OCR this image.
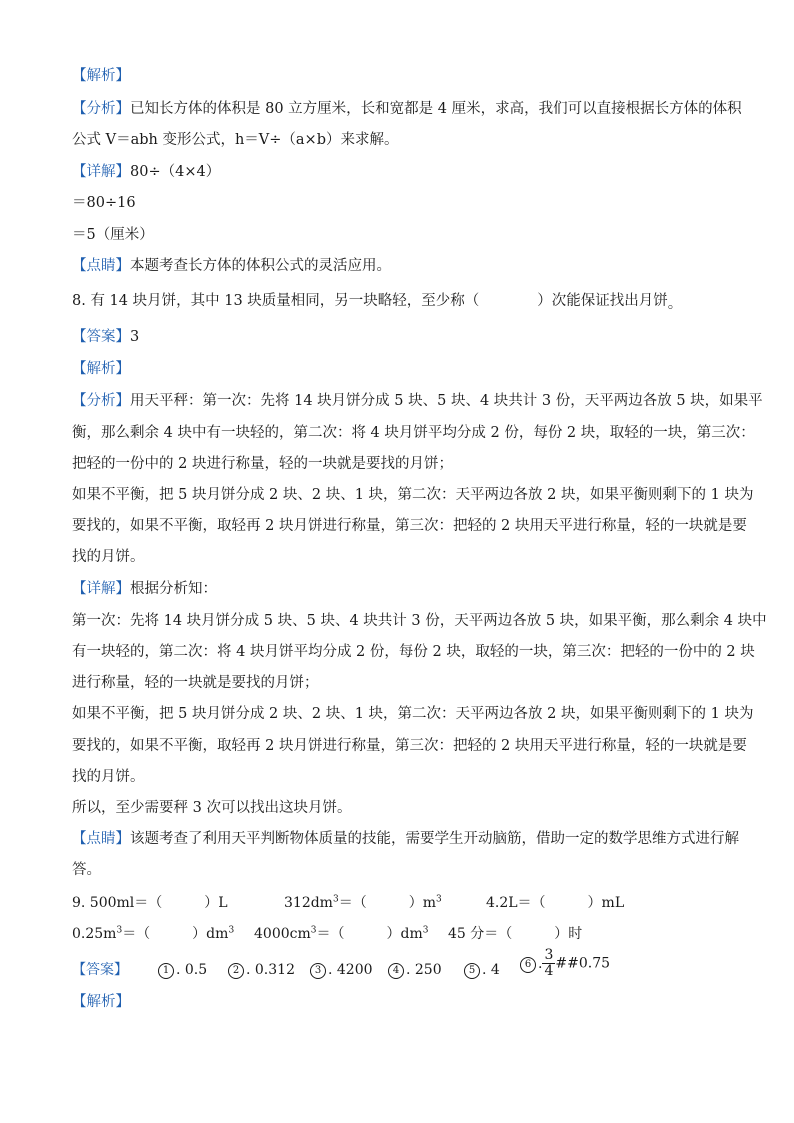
【解析】
【分析】已知长方体的体积是 80 立方厘米，长和宽都是 4 厘米，求高，我们可以直接根据长方体的体积
公式 V＝abh 变形公式，h＝V÷（a×b）来求解。
【详解】80÷（4×4）
＝80÷16
＝5（厘米）
【点睛】本题考查长方体的体积公式的灵活应用。
8. 有 14 块月饼，其中 13 块质量相同，另一块略轻，至少称（　　　　）次能保证找出月饼。
【答案】3
【解析】
【分析】用天平秤：第一次：先将 14 块月饼分成 5 块、5 块、4 块共计 3 份，天平两边各放 5 块，如果平
衡，那么剩余 4 块中有一块轻的，第二次：将 4 块月饼平均分成 2 份，每份 2 块，取轻的一块，第三次：
把轻的一份中的 2 块进行称量，轻的一块就是要找的月饼；
如果不平衡，把 5 块月饼分成 2 块、2 块、1 块，第二次：天平两边各放 2 块，如果平衡则剩下的 1 块为
要找的，如果不平衡，取轻再 2 块月饼进行称量，第三次：把轻的 2 块用天平进行称量，轻的一块就是要
找的月饼。
【详解】根据分析知：
第一次：先将 14 块月饼分成 5 块、5 块、4 块共计 3 份，天平两边各放 5 块，如果平衡，那么剩余 4 块中
有一块轻的，第二次：将 4 块月饼平均分成 2 份，每份 2 块，取轻的一块，第三次：把轻的一份中的 2 块
进行称量，轻的一块就是要找的月饼；
如果不平衡，把 5 块月饼分成 2 块、2 块、1 块，第二次：天平两边各放 2 块，如果平衡则剩下的 1 块为
要找的，如果不平衡，取轻再 2 块月饼进行称量，第三次：把轻的 2 块用天平进行称量，轻的一块就是要
找的月饼。
所以，至少需要秤 3 次可以找出这块月饼。
【点睛】该题考查了利用天平判断物体质量的技能，需要学生开动脑筋，借助一定的数学思维方式进行解
答。
9. 500ml＝（　　　）L	$312dm^3=$（　　　）$m^3$	4.2L＝（　　　）mL
$0.25m^3=$（　　　）$dm^3$ $4000cm^3=$（　　　）$dm^3$ 45 分＝（　　　）时
【答案】	1 . 0.5	2 . 0.312	3 . 4200	4 . 250	5 . 4	6 . $\frac{3}{4}$ ##0.75
【解析】
